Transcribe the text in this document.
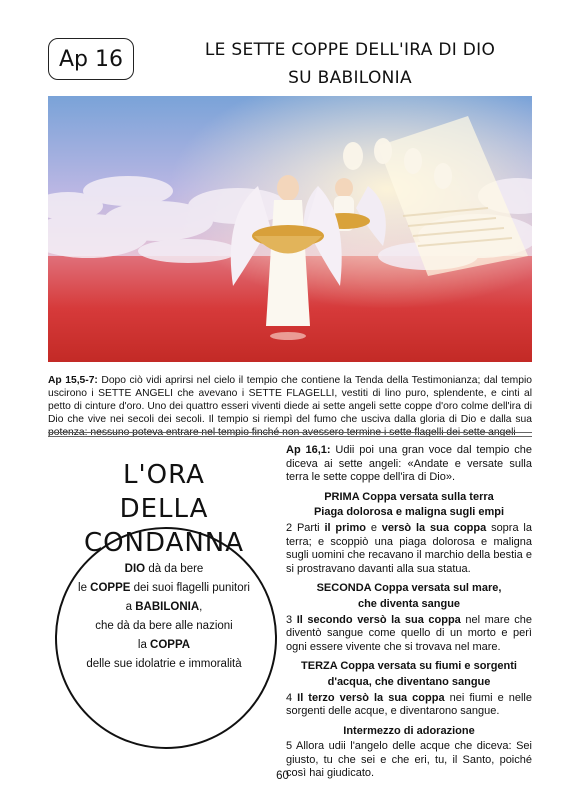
Ap 16	LE SETTE COPPE DELL'IRA DI DIO
SU BABILONIA
Ap 15,5-7: Dopo ciò vidi aprirsi nel cielo il tempio che contiene la Tenda della Testimonianza; dal tempio uscirono i SETTE ANGELI che avevano i SETTE FLAGELLI, vestiti di lino puro, splendente, e cinti al petto di cinture d'oro. Uno dei quattro esseri viventi diede ai sette angeli sette coppe d'oro colme dell'ira di Dio che vive nei secoli dei secoli. Il tempio si riempì del fumo che usciva dalla gloria di Dio e dalla sua potenza: nessuno poteva entrare nel tempio finché non avessero termine i sette flagelli dei sette angeli
L'ORA
DELLA CONDANNA
DIO dà da bere
le COPPE dei suoi flagelli punitori
a BABILONIA,
che dà da bere alle nazioni
la COPPA
delle sue idolatrie e immoralità

Ap 16,1: Udii poi una gran voce dal tempio che diceva ai sette angeli: «Andate e versate sulla terra le sette coppe dell'ira di Dio».

PRIMA Coppa versata sulla terra
Piaga dolorosa e maligna sugli empi

2 Parti il primo e versò la sua coppa sopra la terra; e scoppiò una piaga dolorosa e maligna sugli uomini che recavano il marchio della bestia e si prostravano davanti alla sua statua.

SECONDA Coppa versata sul mare,
che diventa sangue

3 Il secondo versò la sua coppa nel mare che diventò sangue come quello di un morto e perì ogni essere vivente che si trovava nel mare.

TERZA Coppa versata su fiumi e sorgenti
d'acqua, che diventano sangue

4 Il terzo versò la sua coppa nei fiumi e nelle sorgenti delle acque, e diventarono sangue.

Intermezzo di adorazione

5 Allora udii l'angelo delle acque che diceva: Sei giusto, tu che sei e che eri, tu, il Santo, poiché così hai giudicato.

60
